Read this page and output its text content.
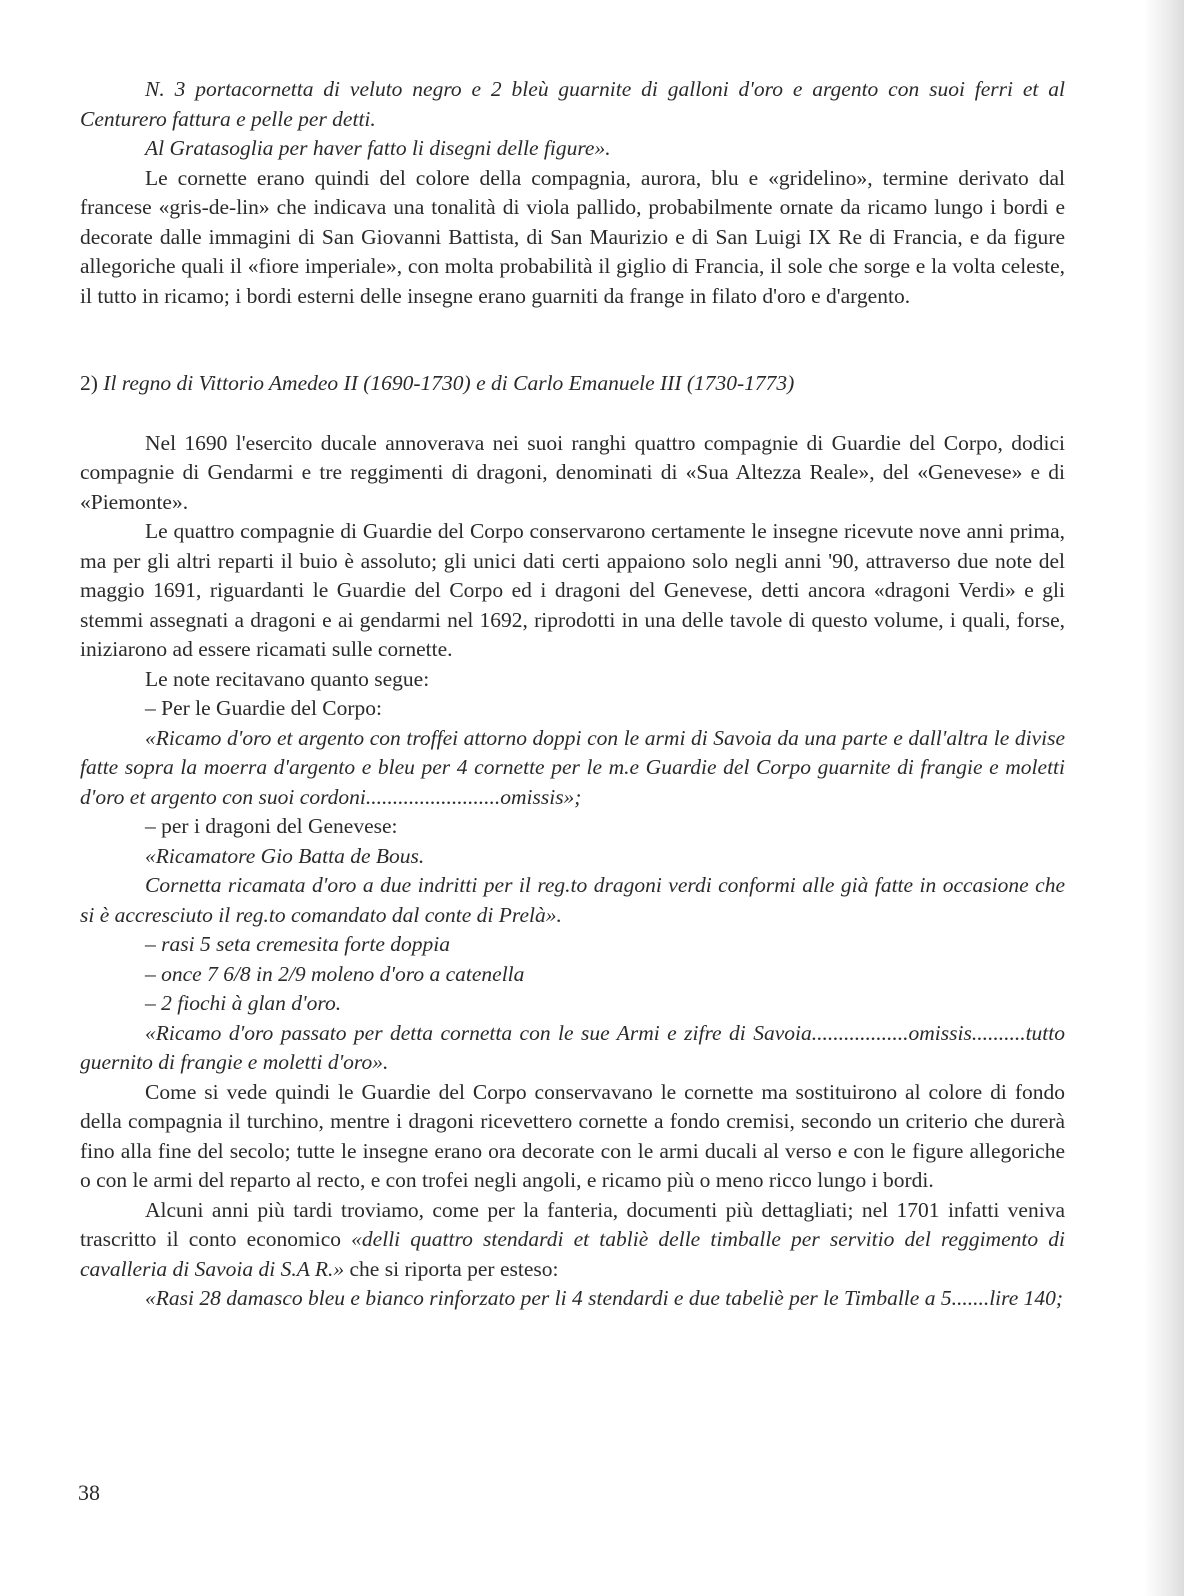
N. 3 portacornetta di veluto negro e 2 bleù guarnite di galloni d'oro e argento con suoi ferri et al Centurero fattura e pelle per detti.

Al Gratasoglia per haver fatto li disegni delle figure».

Le cornette erano quindi del colore della compagnia, aurora, blu e «gridelino», termine derivato dal francese «gris-de-lin» che indicava una tonalità di viola pallido, probabilmente ornate da ricamo lungo i bordi e decorate dalle immagini di San Giovanni Battista, di San Maurizio e di San Luigi IX Re di Francia, e da figure allegoriche quali il «fiore imperiale», con molta probabilità il giglio di Francia, il sole che sorge e la volta celeste, il tutto in ricamo; i bordi esterni delle insegne erano guarniti da frange in filato d'oro e d'argento.

2) Il regno di Vittorio Amedeo II (1690-1730) e di Carlo Emanuele III (1730-1773)

Nel 1690 l'esercito ducale annoverava nei suoi ranghi quattro compagnie di Guardie del Corpo, dodici compagnie di Gendarmi e tre reggimenti di dragoni, denominati di «Sua Altezza Reale», del «Genevese» e di «Piemonte».

Le quattro compagnie di Guardie del Corpo conservarono certamente le insegne ricevute nove anni prima, ma per gli altri reparti il buio è assoluto; gli unici dati certi appaiono solo negli anni '90, attraverso due note del maggio 1691, riguardanti le Guardie del Corpo ed i dragoni del Genevese, detti ancora «dragoni Verdi» e gli stemmi assegnati a dragoni e ai gendarmi nel 1692, riprodotti in una delle tavole di questo volume, i quali, forse, iniziarono ad essere ricamati sulle cornette.

Le note recitavano quanto segue:

– Per le Guardie del Corpo:

«Ricamo d'oro et argento con troffei attorno doppi con le armi di Savoia da una parte e dall'altra le divise fatte sopra la moerra d'argento e bleu per 4 cornette per le m.e Guardie del Corpo guarnite di frangie e moletti d'oro et argento con suoi cordoni.........................omissis»;

– per i dragoni del Genevese:

«Ricamatore Gio Batta de Bous.

Cornetta ricamata d'oro a due indritti per il reg.to dragoni verdi conformi alle già fatte in occasione che si è accresciuto il reg.to comandato dal conte di Prelà».

– rasi 5 seta cremesita forte doppia

– once 7 6/8 in 2/9 moleno d'oro a catenella

– 2 fiochi à glan d'oro.

«Ricamo d'oro passato per detta cornetta con le sue Armi e zifre di Savoia..................omissis..........tutto guernito di frangie e moletti d'oro».

Come si vede quindi le Guardie del Corpo conservavano le cornette ma sostituirono al colore di fondo della compagnia il turchino, mentre i dragoni ricevettero cornette a fondo cremisi, secondo un criterio che durerà fino alla fine del secolo; tutte le insegne erano ora decorate con le armi ducali al verso e con le figure allegoriche o con le armi del reparto al recto, e con trofei negli angoli, e ricamo più o meno ricco lungo i bordi.

Alcuni anni più tardi troviamo, come per la fanteria, documenti più dettagliati; nel 1701 infatti veniva trascritto il conto economico «delli quattro stendardi et tabliè delle timballe per servitio del reggimento di cavalleria di Savoia di S.A R.» che si riporta per esteso:

«Rasi 28 damasco bleu e bianco rinforzato per li 4 stendardi e due tabeliè per le Timballe a 5.......lire 140;

38
